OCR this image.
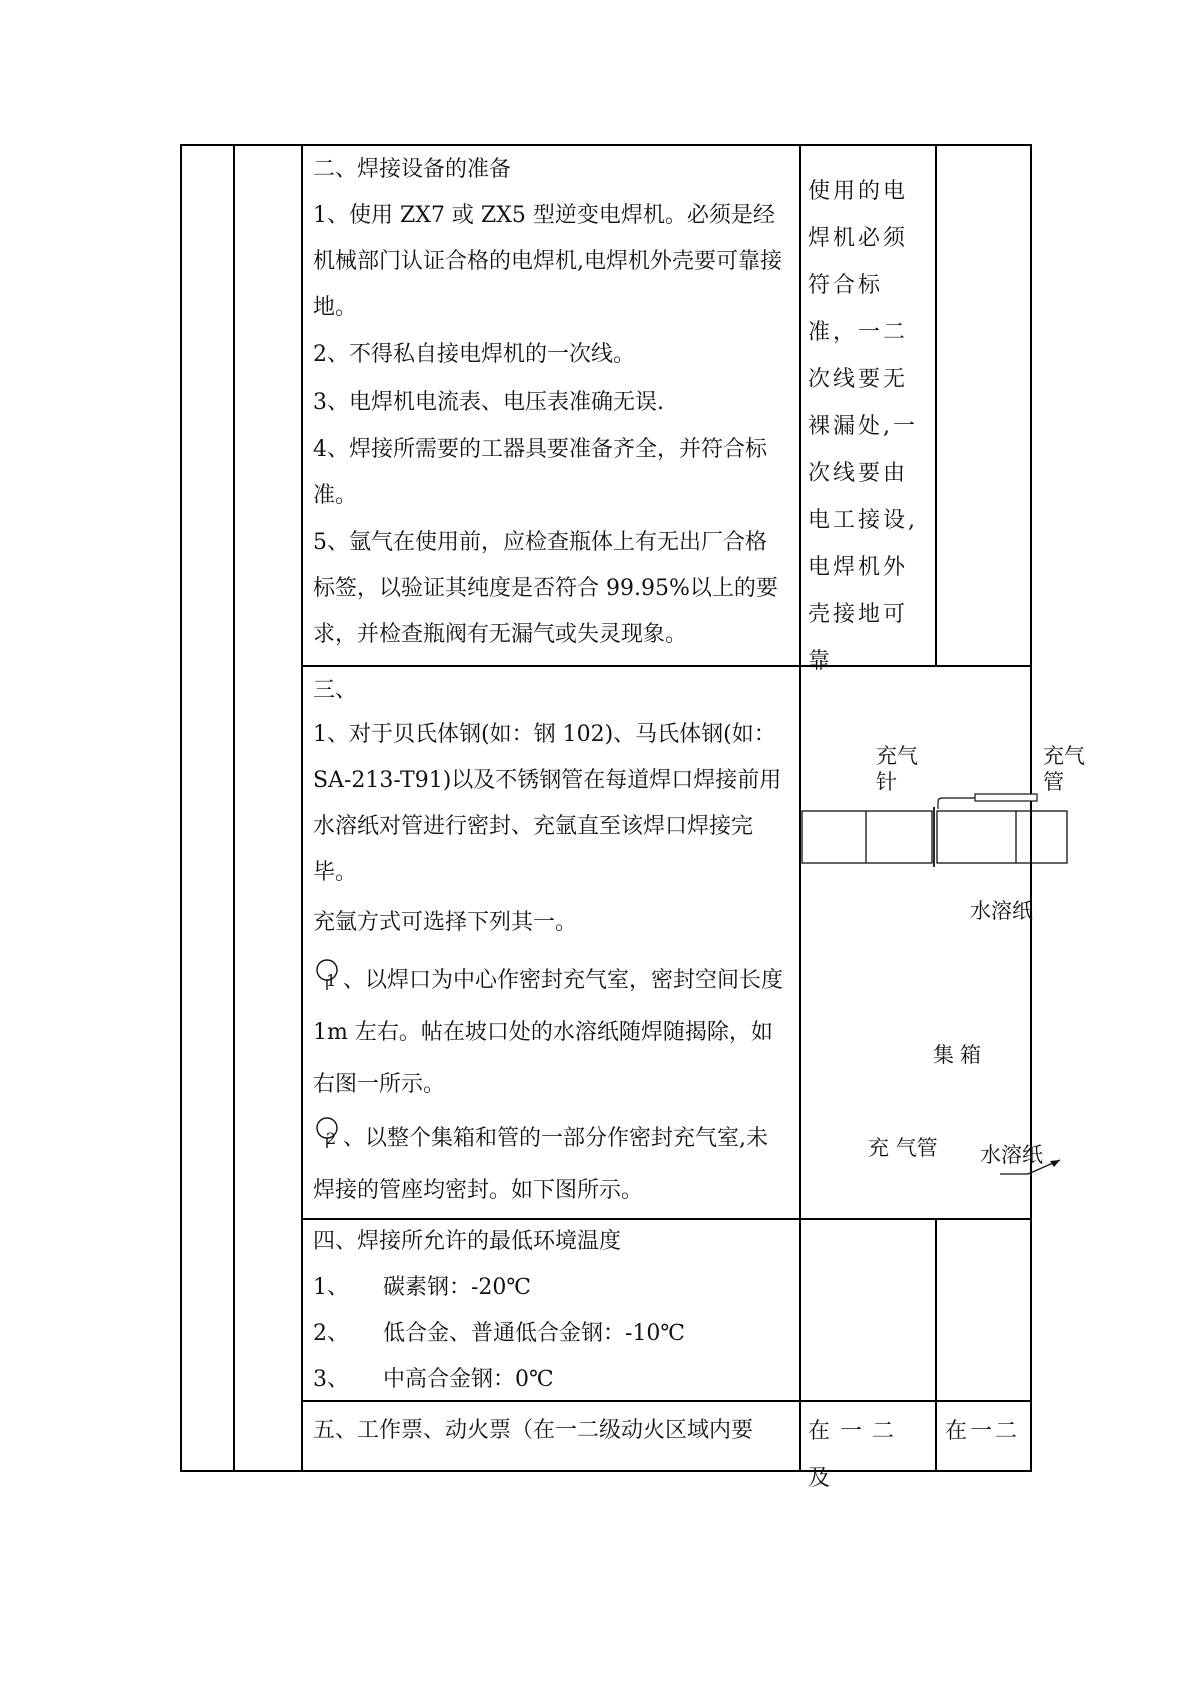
二、焊接设备的准备

1、使用 ZX7 或 ZX5 型逆变电焊机。必须是经机械部门认证合格的电焊机,电焊机外壳要可靠接地。

2、不得私自接电焊机的一次线。

3、电焊机电流表、电压表准确无误.

4、焊接所需要的工器具要准备齐全，并符合标准。

5、氩气在使用前，应检查瓶体上有无出厂合格标签，以验证其纯度是否符合 99.95%以上的要求，并检查瓶阀有无漏气或失灵现象。

使用的电焊机必须符合标准，一二次线要无裸漏处,一次线要由电工接设,电焊机外壳接地可靠

三、

1、对于贝氏体钢(如：钢 102)、马氏体钢(如：SA-213-T91)以及不锈钢管在每道焊口焊接前用水溶纸对管进行密封、充氩直至该焊口焊接完毕。

充氩方式可选择下列其一。

1 、以焊口为中心作密封充气室，密封空间长度 1m 左右。帖在坡口处的水溶纸随焊随揭除，如右图一所示。

2 、以整个集箱和管的一部分作密封充气室,未焊接的管座均密封。如下图所示。

充气针

充气管

水溶纸

集箱

充 气管 水溶纸

四、焊接所允许的最低环境温度

1、 碳素钢：-20℃

2、 低合金、普通低合金钢：-10℃

3、 中高合金钢：0℃

五、工作票、动火票（在一二级动火区域内要	在一二及

在一二
